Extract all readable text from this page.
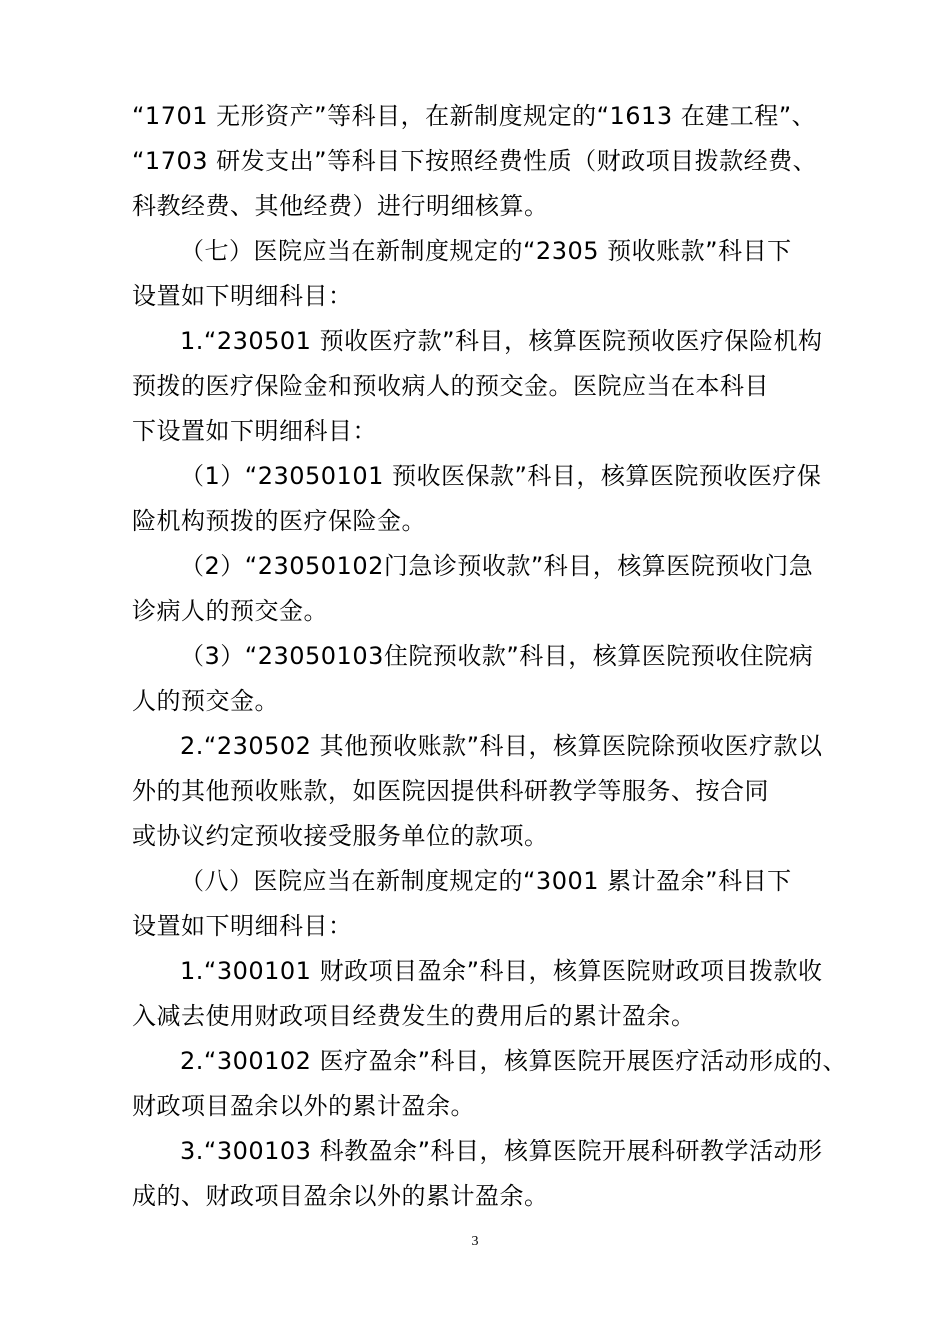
“1701 无形资产”等科目，在新制度规定的“1613 在建工程”、
“1703 研发支出”等科目下按照经费性质（财政项目拨款经费、
科教经费、其他经费）进行明细核算。
（七）医院应当在新制度规定的“2305 预收账款”科目下
设置如下明细科目：
1.“230501 预收医疗款”科目，核算医院预收医疗保险机构
预拨的医疗保险金和预收病人的预交金。医院应当在本科目
下设置如下明细科目：
（1）“23050101 预收医保款”科目，核算医院预收医疗保
险机构预拨的医疗保险金。
（2）“23050102门急诊预收款”科目，核算医院预收门急
诊病人的预交金。
（3）“23050103住院预收款”科目，核算医院预收住院病
人的预交金。
2.“230502 其他预收账款”科目，核算医院除预收医疗款以
外的其他预收账款，如医院因提供科研教学等服务、按合同
或协议约定预收接受服务单位的款项。
（八）医院应当在新制度规定的“3001 累计盈余”科目下
设置如下明细科目：
1.“300101 财政项目盈余”科目，核算医院财政项目拨款收
入减去使用财政项目经费发生的费用后的累计盈余。
2.“300102 医疗盈余”科目，核算医院开展医疗活动形成的、
财政项目盈余以外的累计盈余。
3.“300103 科教盈余”科目，核算医院开展科研教学活动形
成的、财政项目盈余以外的累计盈余。
3
